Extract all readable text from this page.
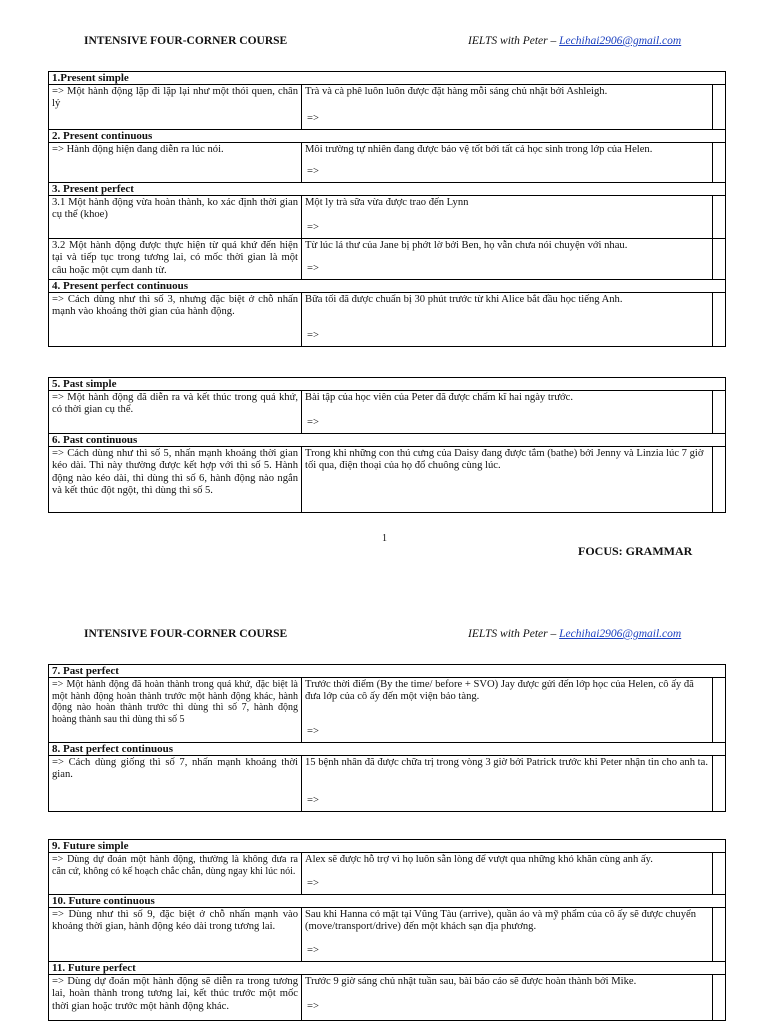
INTENSIVE FOUR-CORNER COURSE	IELTS with Peter – Lechihai2906@gmail.com
1.Present simple		
=> Một hành động lặp đi lặp lại như một thói quen, chân lý	Trà và cà phê luôn luôn được đặt hàng mỗi sáng chủ nhật bởi Ashleigh.
=>	

2. Present continuous		
=> Hành động hiện đang diễn ra lúc nói.	Môi trường tự nhiên đang được bảo vệ tốt bởi tất cả học sinh trong lớp của Helen.
=>	

3. Present perfect		
3.1 Một hành động vừa hoàn thành, ko xác định thời gian cụ thể (khoe)	Một ly trà sữa vừa được trao đến Lynn
=>	

3.2 Một hành động được thực hiện từ quá khứ đến hiện tại và tiếp tục trong tương lai, có mốc thời gian là một câu hoặc một cụm danh từ.	Từ lúc lá thư của Jane bị phớt lờ bởi Ben, họ vẫn chưa nói chuyện với nhau.
=>	

4. Present perfect continuous		
=> Cách dùng như thì số 3, nhưng đặc biệt ở chỗ nhấn mạnh vào khoảng thời gian của hành động.	Bữa tối đã được chuẩn bị 30 phút trước từ khi Alice bắt đầu học tiếng Anh.
=>	

5. Past simple		
=> Một hành động đã diễn ra và kết thúc trong quá khứ, có thời gian cụ thể.	Bài tập của học viên của Peter đã được chấm kĩ hai ngày trước.
=>	

6. Past continuous		
=> Cách dùng như thì số 5, nhấn mạnh khoảng thời gian kéo dài. Thì này thường được kết hợp với thì số 5. Hành động nào kéo dài, thì dùng thì số 6, hành động nào ngắn và kết thúc đột ngột, thì dùng thì số 5.	Trong khi những con thú cưng của Daisy đang được tắm (bathe) bởi Jenny và Linzia lúc 7 giờ tối qua, điện thoại của họ đổ chuông cùng lúc.	
1
FOCUS: GRAMMAR
INTENSIVE FOUR-CORNER COURSE	IELTS with Peter – Lechihai2906@gmail.com
7. Past perfect		
=> Một hành động đã hoàn thành trong quá khứ, đặc biệt là một hành động hoàn thành trước một hành động khác, hành động nào hoàn thành trước thì dùng thì số 7, hành động hoàng thành sau thì dùng thì số 5	Trước thời điểm (By the time/ before + SVO) Jay được gửi đến lớp học của Helen, cô ấy đã đưa lớp của cô ấy đến một viện bảo tàng.
=>	

8. Past perfect continuous		
=> Cách dùng giống thì số 7, nhấn mạnh khoảng thời gian.	15 bệnh nhân đã được chữa trị trong vòng 3 giờ bởi Patrick trước khi Peter nhận tin cho anh ta.
=>	

9. Future simple		
=> Dùng dự đoán một hành động, thường là không đưa ra căn cứ, không có kế hoạch chắc chắn, dùng ngay khi lúc nói.	Alex sẽ được hỗ trợ vì họ luôn sẵn lòng để vượt qua những khó khăn cùng anh ấy.
=>	

10. Future continuous		
=> Dùng như thì số 9, đặc biệt ở chỗ nhấn mạnh vào khoảng thời gian, hành động kéo dài trong tương lai.	Sau khi Hanna có mặt tại Vũng Tàu (arrive), quần áo và mỹ phẩm của cô ấy sẽ được chuyển (move/transport/drive) đến một khách sạn địa phương.
=>	

11. Future perfect		
=> Dùng dự đoán một hành động sẽ diễn ra trong tương lai, hoàn thành trong tương lai, kết thúc trước một mốc thời gian hoặc trước một hành động khác.	Trước 9 giờ sáng chủ nhật tuần sau, bài báo cáo sẽ được hoàn thành bởi Mike.
=>	
